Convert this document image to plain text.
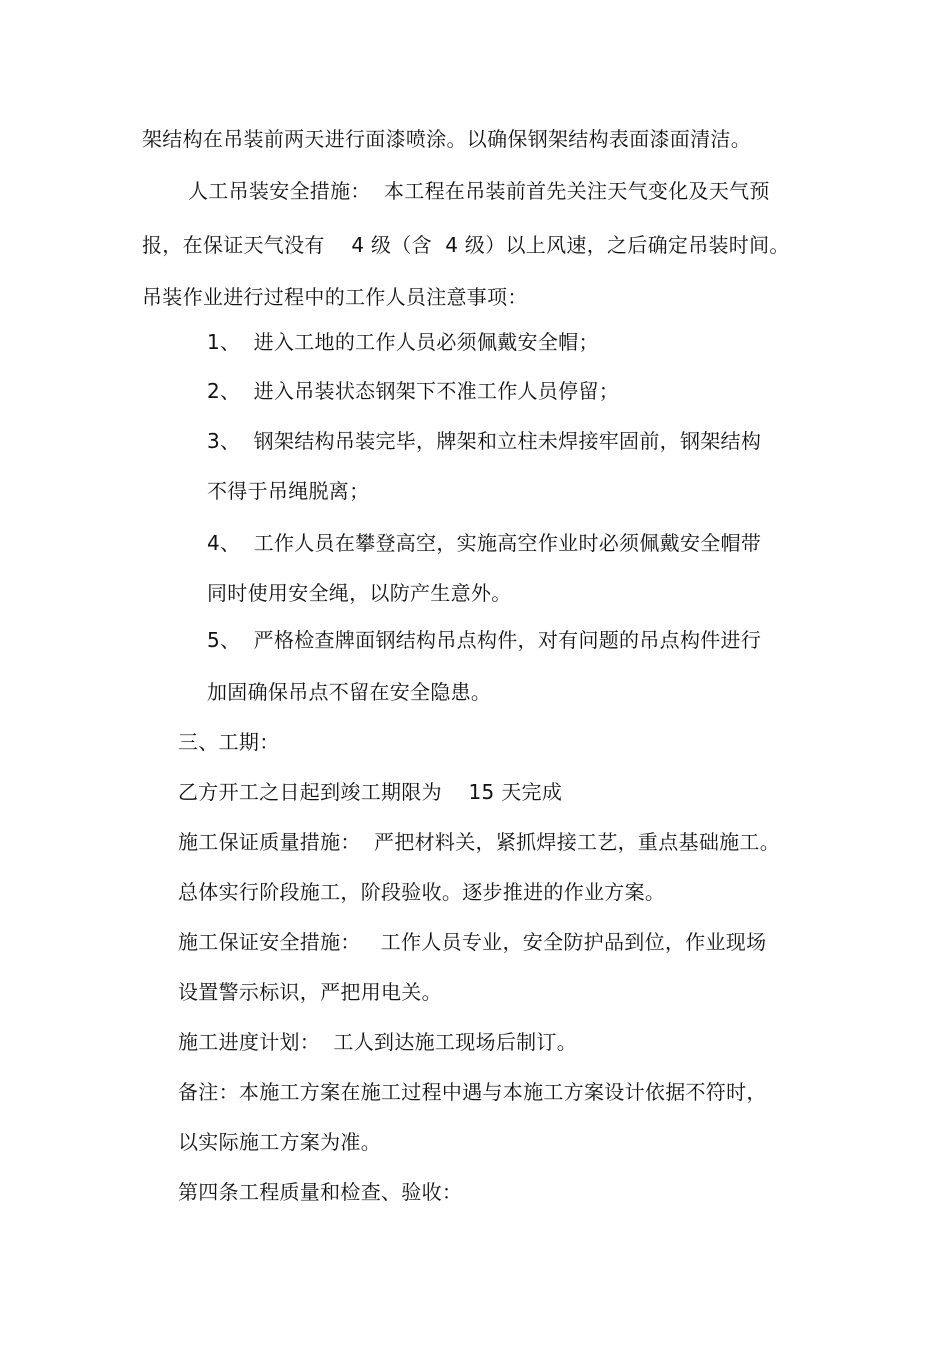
架结构在吊装前两天进行面漆喷涂。以确保钢架结构表面漆面清洁。
人工吊装安全措施：  本工程在吊装前首先关注天气变化及天气预
报，在保证天气没有    4 级（含  4 级）以上风速，之后确定吊装时间。
吊装作业进行过程中的工作人员注意事项：
1、  进入工地的工作人员必须佩戴安全帽；
2、  进入吊装状态钢架下不准工作人员停留；
3、  钢架结构吊装完毕，牌架和立柱未焊接牢固前，钢架结构
不得于吊绳脱离；
4、  工作人员在攀登高空，实施高空作业时必须佩戴安全帽带
同时使用安全绳，以防产生意外。
5、  严格检查牌面钢结构吊点构件，对有问题的吊点构件进行
加固确保吊点不留在安全隐患。
三、工期：
乙方开工之日起到竣工期限为    15 天完成
施工保证质量措施：  严把材料关，紧抓焊接工艺，重点基础施工。
总体实行阶段施工，阶段验收。逐步推进的作业方案。
施工保证安全措施：   工作人员专业，安全防护品到位，作业现场
设置警示标识，严把用电关。
施工进度计划：  工人到达施工现场后制订。
备注：本施工方案在施工过程中遇与本施工方案设计依据不符时，
以实际施工方案为准。
第四条工程质量和检查、验收：
